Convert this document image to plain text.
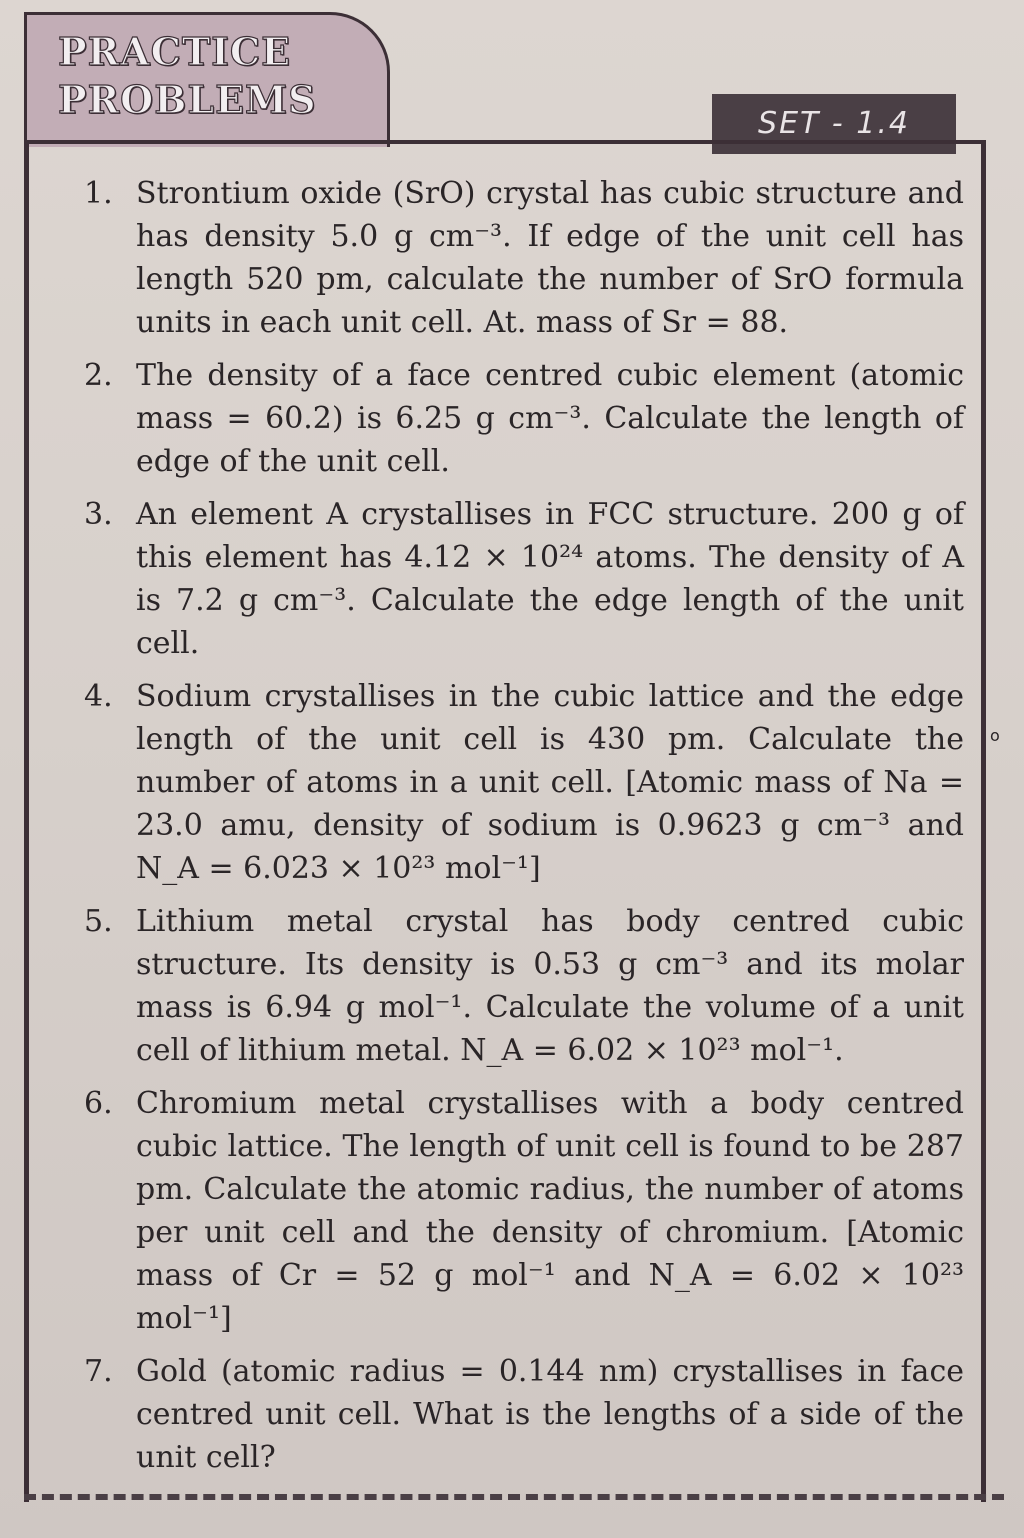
PRACTICE
PROBLEMS
SET - 1.4
1. Strontium oxide (SrO) crystal has cubic structure and has density 5.0 g cm⁻³. If edge of the unit cell has length 520 pm, calculate the number of SrO formula units in each unit cell. At. mass of Sr = 88.
2. The density of a face centred cubic element (atomic mass = 60.2) is 6.25 g cm⁻³. Calculate the length of edge of the unit cell.
3. An element A crystallises in FCC structure. 200 g of this element has 4.12 × 10²⁴ atoms. The density of A is 7.2 g cm⁻³. Calculate the edge length of the unit cell.
4. Sodium crystallises in the cubic lattice and the edge length of the unit cell is 430 pm. Calculate the number of atoms in a unit cell. [Atomic mass of Na = 23.0 amu, density of sodium is 0.9623 g cm⁻³ and N_A = 6.023 × 10²³ mol⁻¹]
5. Lithium metal crystal has body centred cubic structure. Its density is 0.53 g cm⁻³ and its molar mass is 6.94 g mol⁻¹. Calculate the volume of a unit cell of lithium metal. N_A = 6.02 × 10²³ mol⁻¹.
6. Chromium metal crystallises with a body centred cubic lattice. The length of unit cell is found to be 287 pm. Calculate the atomic radius, the number of atoms per unit cell and the density of chromium. [Atomic mass of Cr = 52 g mol⁻¹ and N_A = 6.02 × 10²³ mol⁻¹]
7. Gold (atomic radius = 0.144 nm) crystallises in face centred unit cell. What is the lengths of a side of the unit cell?
o
